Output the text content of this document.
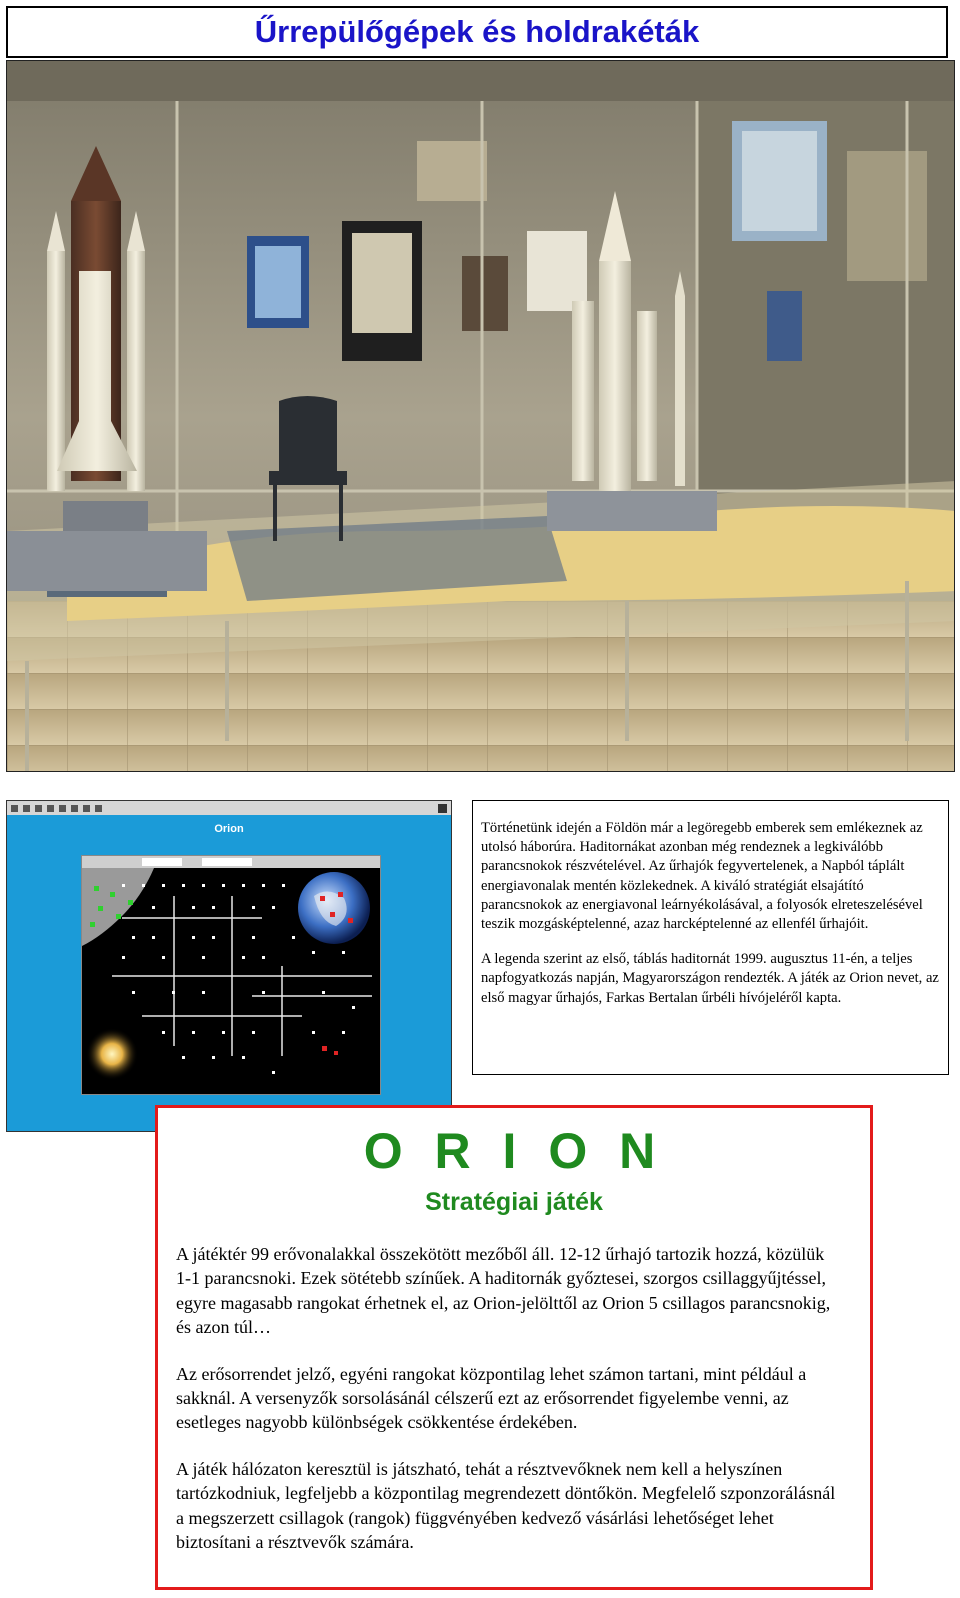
Űrrepülőgépek és holdrakéták
Orion	Történetünk idején a Földön már a legöregebb emberek sem emlékeznek az utolsó háborúra. Haditornákat azonban még rendeznek a legkiválóbb parancsnokok részvételével. Az űrhajók fegyvertelenek, a Napból táplált energiavonalak mentén közlekednek. A kiváló stratégiát elsajátító parancsnokok az energiavonal leárnyékolásával, a folyosók elreteszelésével teszik mozgásképtelenné, azaz harcképtelenné az ellenfél űrhajóit.

A legenda szerint az első, táblás haditornát 1999. augusztus 11-én, a teljes napfogyatkozás napján, Magyarországon rendezték. A játék az Orion nevet, az első magyar űrhajós, Farkas Bertalan űrbéli hívójeléről kapta.

O R I O N
Stratégiai játék

A játéktér 99 erővonalakkal összekötött mezőből áll. 12-12 űrhajó tartozik hozzá, közülük 1-1 parancsnoki. Ezek sötétebb színűek. A haditornák győztesei, szorgos csillaggyűjtéssel, egyre magasabb rangokat érhetnek el, az Orion-jelölttől az Orion 5 csillagos parancsnokig, és azon túl…

Az erősorrendet jelző, egyéni rangokat központilag lehet számon tartani, mint például a sakknál. A versenyzők sorsolásánál célszerű ezt az erősorrendet figyelembe venni, az esetleges nagyobb különbségek csökkentése érdekében.

A játék hálózaton keresztül is játszható, tehát a résztvevőknek nem kell a helyszínen tartózkodniuk, legfeljebb a központilag megrendezett döntőkön. Megfelelő szponzorálásnál a megszerzett csillagok (rangok) függvényében kedvező vásárlási lehetőséget lehet biztosítani a résztvevők számára.
